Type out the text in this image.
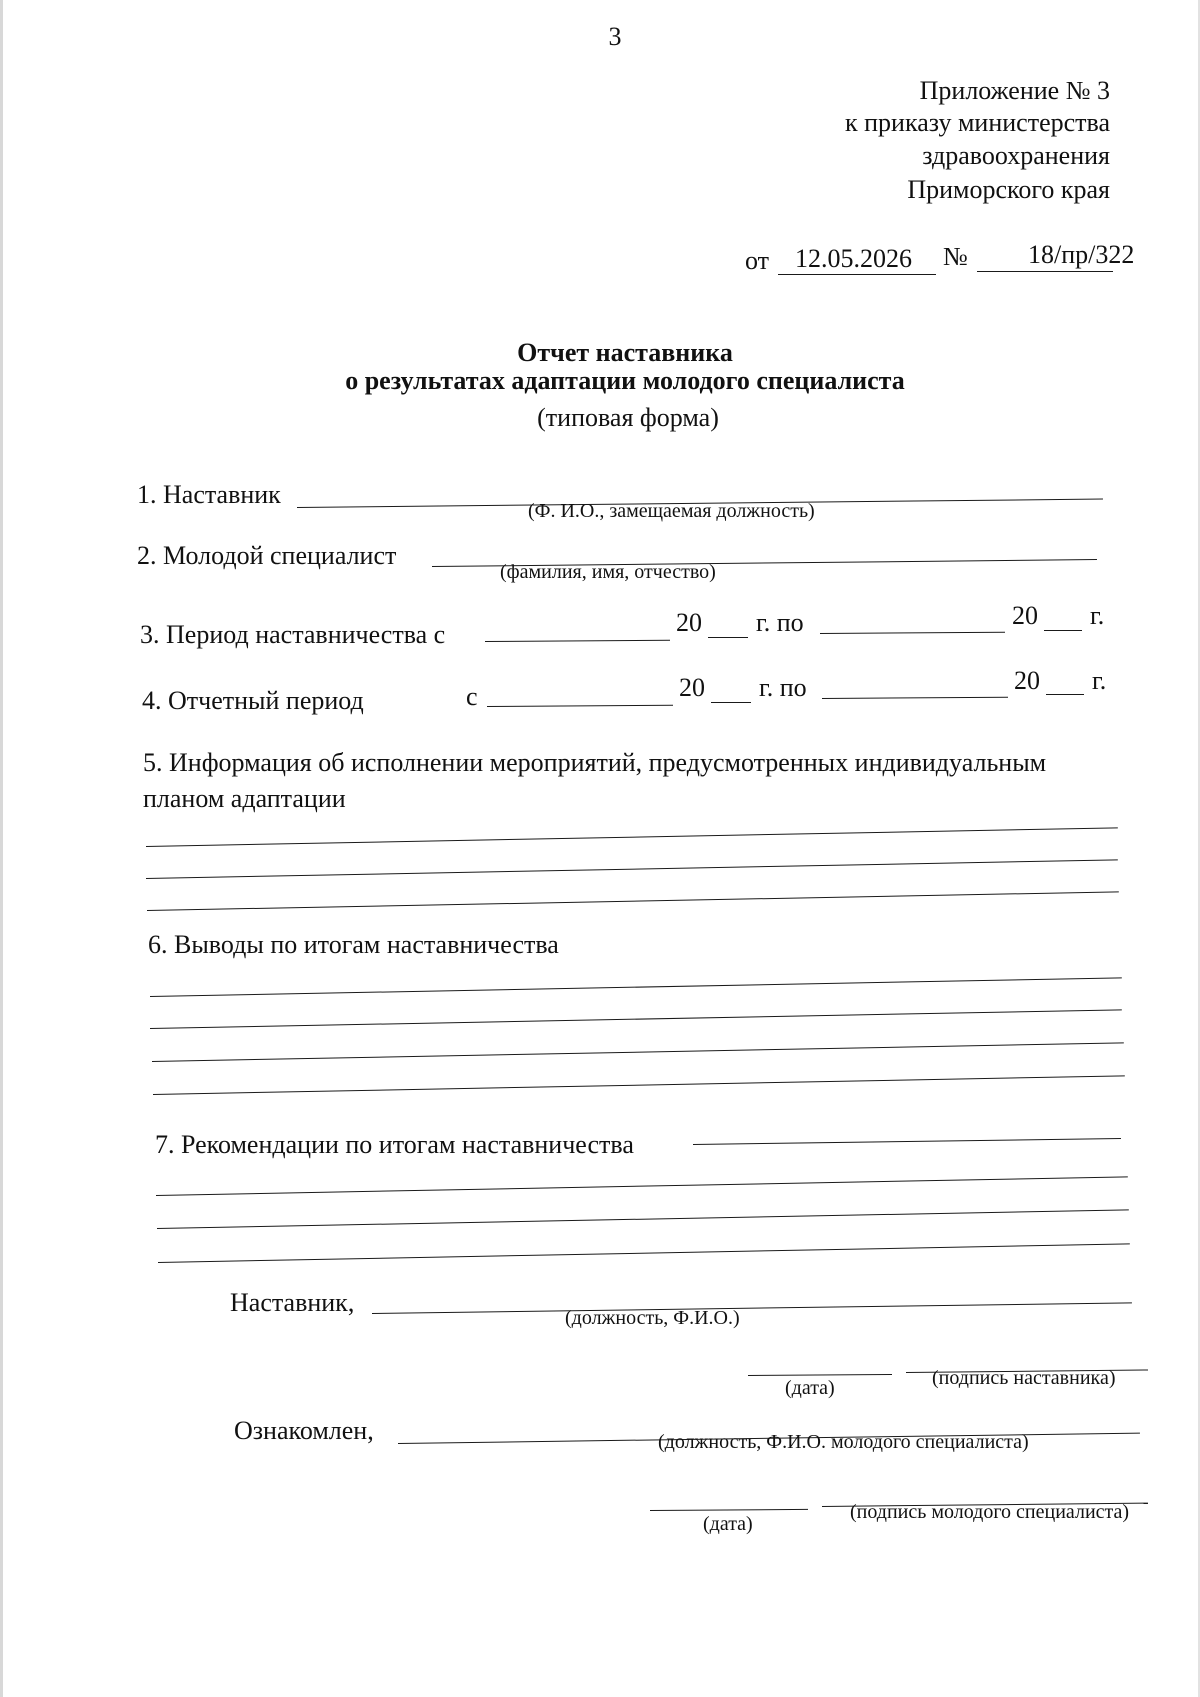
3
Приложение № 3
к приказу министерства
здравоохранения
Приморского края
от 12.05.2026 № 18/пр/322
Отчет наставника
о результатах адаптации молодого специалиста
(типовая форма)
1. Наставник
(Ф. И.О., замещаемая должность)
2. Молодой специалист
(фамилия, имя, отчество)
3. Период наставничества с	20 г. по	20 г.
4. Отчетный период	с	20 г. по	20 г.
5. Информация об исполнении мероприятий, предусмотренных индивидуальным
планом адаптации
6. Выводы по итогам наставничества
7. Рекомендации по итогам наставничества
Наставник,
(должность, Ф.И.О.)
(дата)	(подпись наставника)
Ознакомлен,	(должность, Ф.И.О. молодого специалиста)
(дата)
(подпись молодого специалиста)
